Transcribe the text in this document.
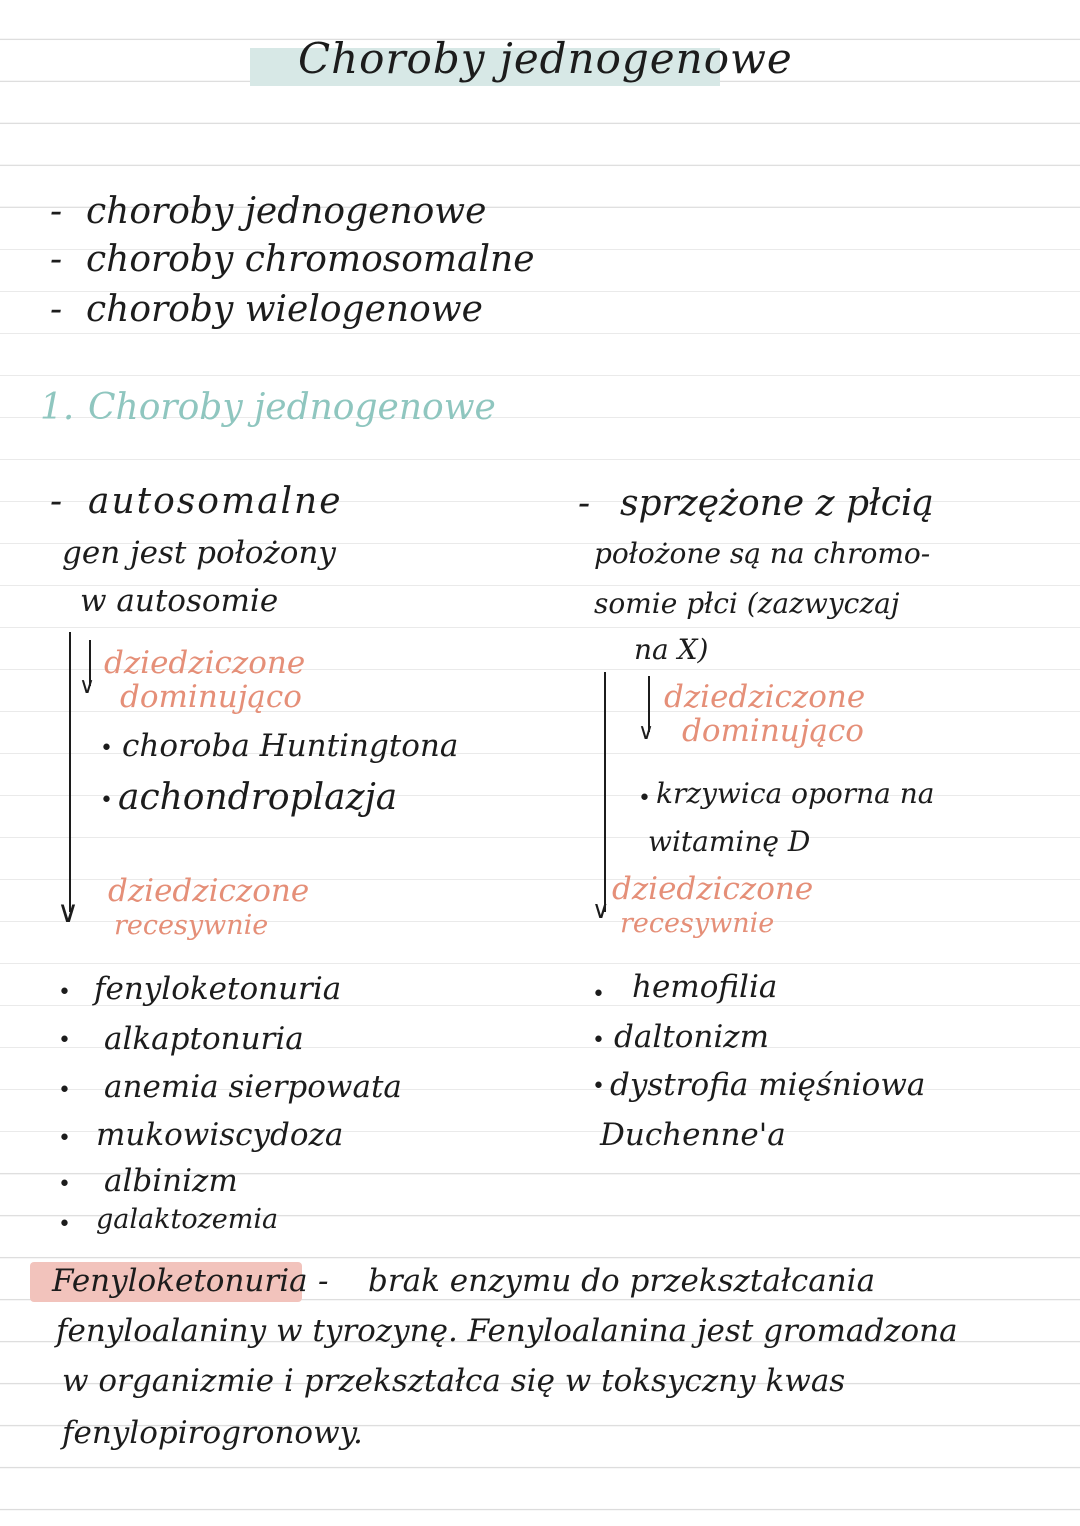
Choroby jednogenowe
- choroby jednogenowe
- choroby chromosomalne
- choroby wielogenowe
1. Choroby jednogenowe
- autosomalne
gen jest położony
w autosomie
∨
∨
dziedziczone
dominująco
• choroba Huntingtona
• achondroplazja
dziedziczone
recesywnie
• fenyloketonuria
• alkaptonuria
• anemia sierpowata
• mukowiscydoza
• albinizm
• galaktozemia
- sprzężone z płcią
położone są na chromo-
somie płci (zazwyczaj
na X)
∨
∨
dziedziczone
dominująco
• krzywica oporna na
witaminę D
dziedziczone
recesywnie
• hemofilia
• daltonizm
• dystrofia mięśniowa
Duchenne'a
Fenyloketonuria - brak enzymu do przekształcania
fenyloalaniny w tyrozynę. Fenyloalanina jest gromadzona
w organizmie i przekształca się w toksyczny kwas
fenylopirogronowy.
